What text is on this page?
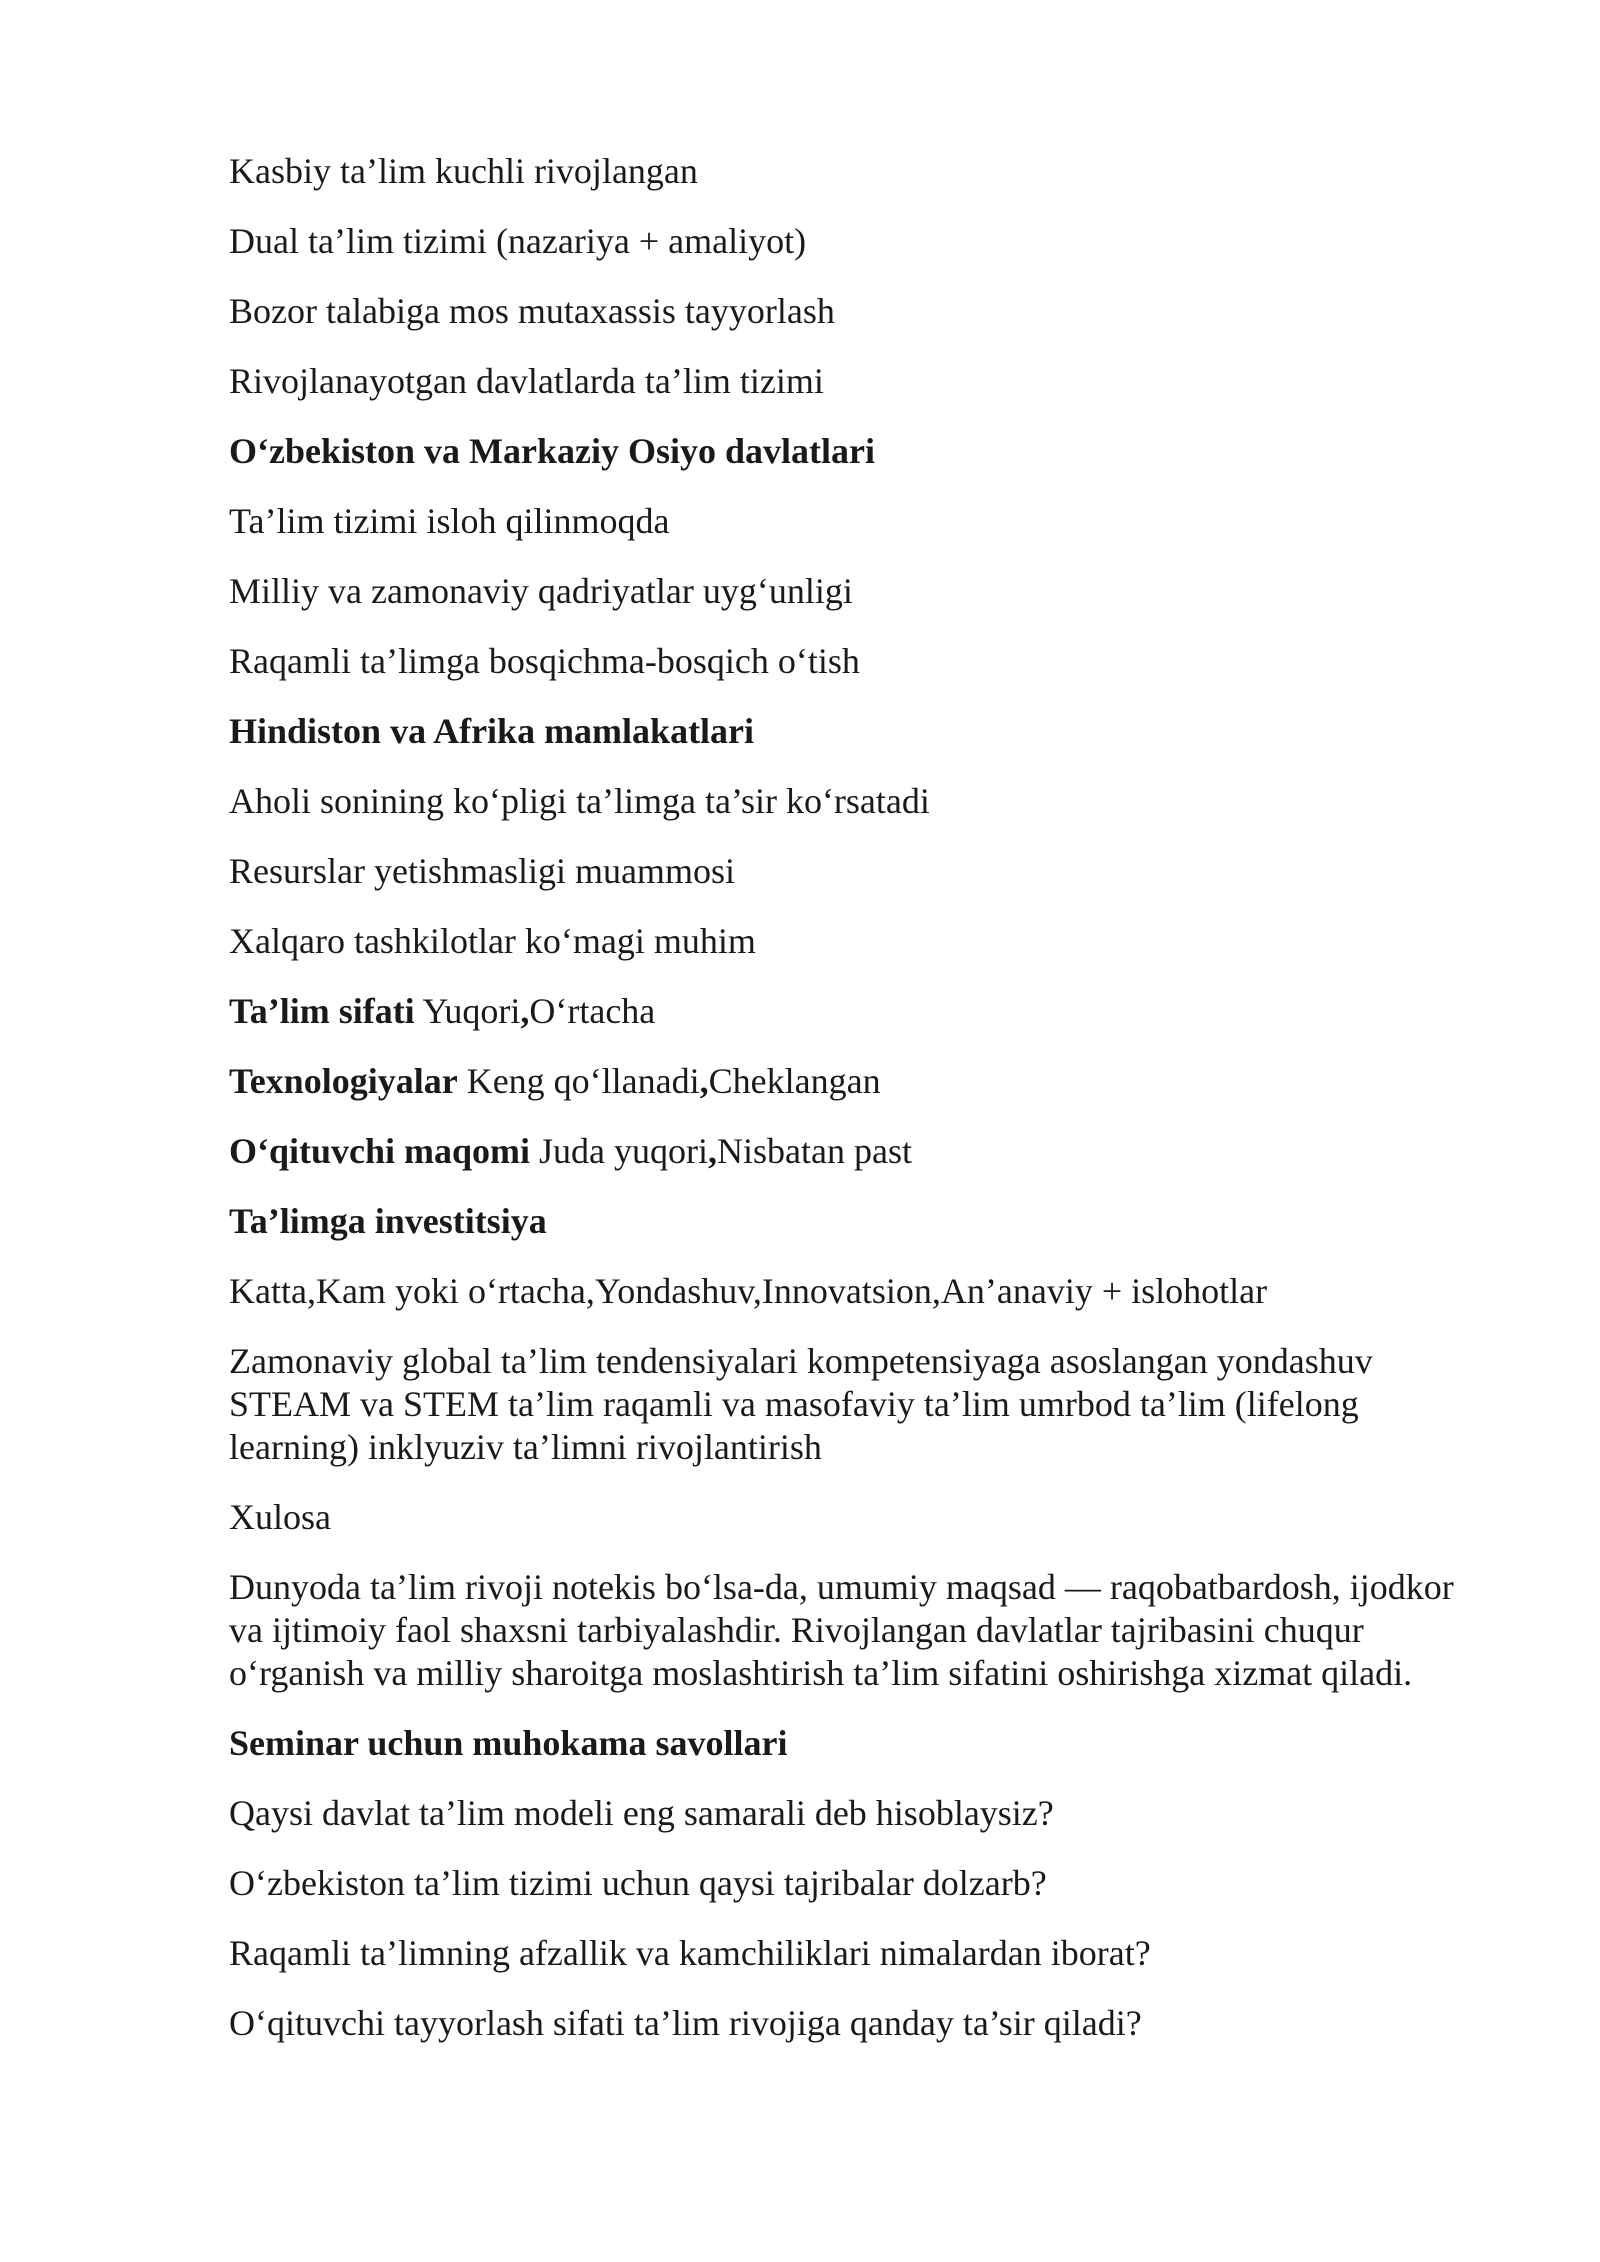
Kasbiy ta’lim kuchli rivojlangan

Dual ta’lim tizimi (nazariya + amaliyot)

Bozor talabiga mos mutaxassis tayyorlash

Rivojlanayotgan davlatlarda ta’lim tizimi

O‘zbekiston va Markaziy Osiyo davlatlari

Ta’lim tizimi isloh qilinmoqda

Milliy va zamonaviy qadriyatlar uyg‘unligi

Raqamli ta’limga bosqichma-bosqich o‘tish

Hindiston va Afrika mamlakatlari

Aholi sonining ko‘pligi ta’limga ta’sir ko‘rsatadi

Resurslar yetishmasligi muammosi

Xalqaro tashkilotlar ko‘magi muhim

Ta’lim sifati Yuqori,O‘rtacha

Texnologiyalar Keng qo‘llanadi,Cheklangan

O‘qituvchi maqomi Juda yuqori,Nisbatan past

Ta’limga investitsiya

Katta,Kam yoki o‘rtacha,Yondashuv,Innovatsion,An’anaviy + islohotlar

Zamonaviy global ta’lim tendensiyalari kompetensiyaga asoslangan yondashuv STEAM va STEM ta’lim raqamli va masofaviy ta’lim umrbod ta’lim (lifelong learning) inklyuziv ta’limni rivojlantirish

Xulosa

Dunyoda ta’lim rivoji notekis bo‘lsa-da, umumiy maqsad — raqobatbardosh, ijodkor va ijtimoiy faol shaxsni tarbiyalashdir. Rivojlangan davlatlar tajribasini chuqur o‘rganish va milliy sharoitga moslashtirish ta’lim sifatini oshirishga xizmat qiladi.

Seminar uchun muhokama savollari

Qaysi davlat ta’lim modeli eng samarali deb hisoblaysiz?

O‘zbekiston ta’lim tizimi uchun qaysi tajribalar dolzarb?

Raqamli ta’limning afzallik va kamchiliklari nimalardan iborat?

O‘qituvchi tayyorlash sifati ta’lim rivojiga qanday ta’sir qiladi?
